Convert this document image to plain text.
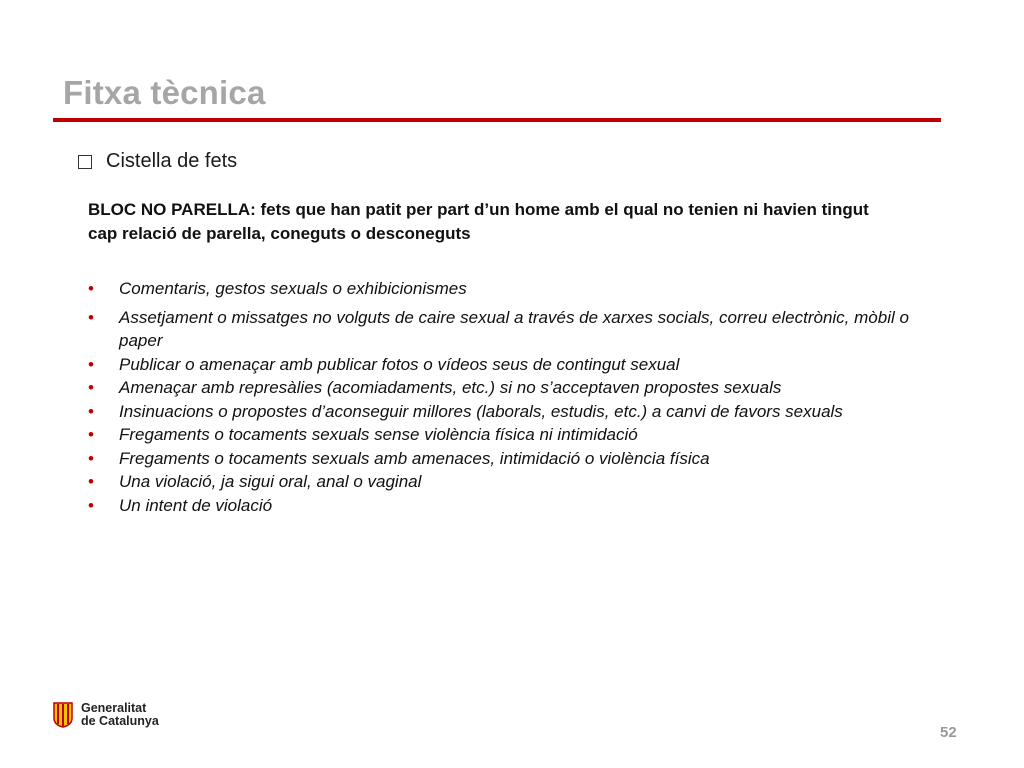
Fitxa tècnica
Cistella de fets
BLOC NO PARELLA: fets que han patit per part d’un home amb el qual no tenien ni havien tingut cap relació de parella, coneguts o desconeguts
• Comentaris, gestos sexuals o exhibicionismes
• Assetjament o missatges no volguts de caire sexual a través de xarxes socials, correu electrònic, mòbil o paper
• Publicar o amenaçar amb publicar fotos o vídeos seus de contingut sexual
• Amenaçar amb represàlies (acomiadaments, etc.) si no s’acceptaven propostes sexuals
• Insinuacions o propostes d’aconseguir millores (laborals, estudis, etc.) a canvi de favors sexuals
• Fregaments o tocaments sexuals sense violència física ni intimidació
• Fregaments o tocaments sexuals amb amenaces, intimidació o violència física
• Una violació, ja sigui oral, anal o vaginal
• Un intent de violació
Generalitat
de Catalunya
52
